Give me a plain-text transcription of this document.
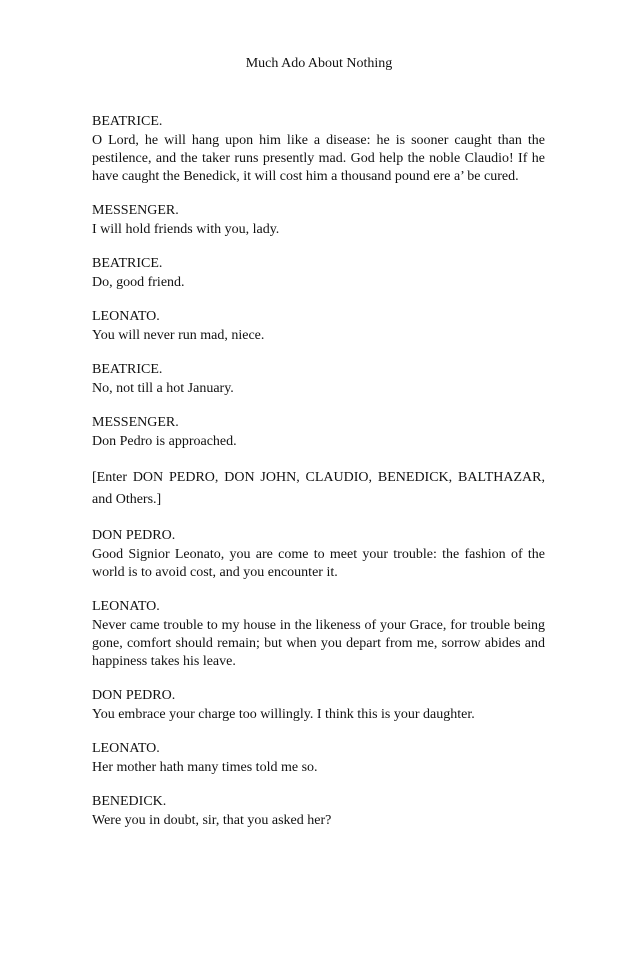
Much Ado About Nothing
BEATRICE.

O Lord, he will hang upon him like a disease: he is sooner caught than the pestilence, and the taker runs presently mad. God help the noble Claudio! If he have caught the Benedick, it will cost him a thousand pound ere a’ be cured.

MESSENGER.

I will hold friends with you, lady.

BEATRICE.

Do, good friend.

LEONATO.

You will never run mad, niece.

BEATRICE.

No, not till a hot January.

MESSENGER.

Don Pedro is approached.

[Enter DON PEDRO, DON JOHN, CLAUDIO, BENEDICK, BALTHAZAR, and Others.]

DON PEDRO.

Good Signior Leonato, you are come to meet your trouble: the fashion of the world is to avoid cost, and you encounter it.

LEONATO.

Never came trouble to my house in the likeness of your Grace, for trouble being gone, comfort should remain; but when you depart from me, sorrow abides and happiness takes his leave.

DON PEDRO.

You embrace your charge too willingly. I think this is your daughter.

LEONATO.

Her mother hath many times told me so.

BENEDICK.

Were you in doubt, sir, that you asked her?
